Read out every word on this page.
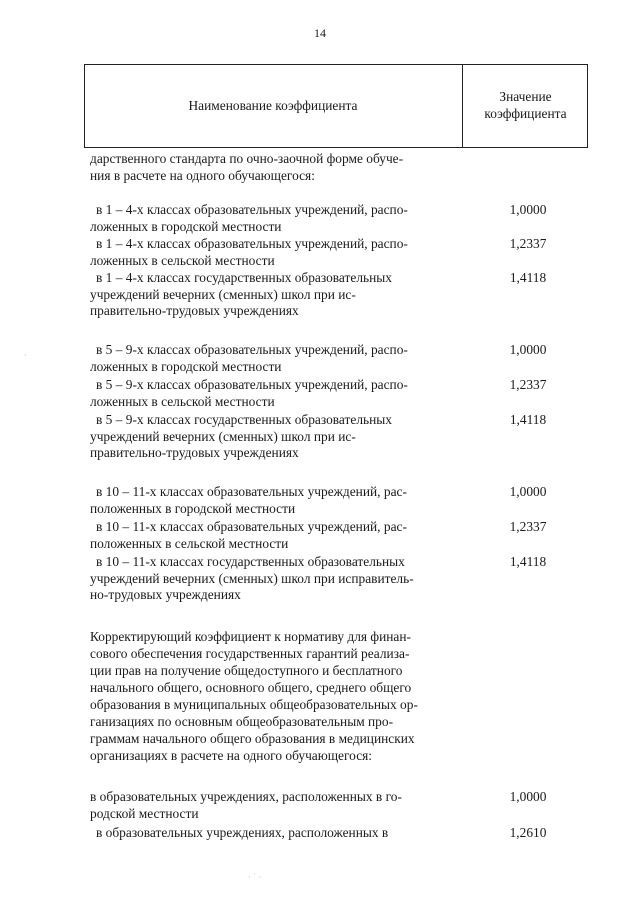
14
Наименование коэффициента
Значение
коэффициента
дарственного стандарта по очно-заочной форме обуче-
ния в расчете на одного обучающегося:
в 1 – 4-х классах образовательных учреждений, распо-
ложенных в городской местности
1,0000
в 1 – 4-х классах образовательных учреждений, распо-
ложенных в сельской местности
1,2337
в 1 – 4-х классах государственных образовательных
учреждений вечерних (сменных) школ при ис-
правительно-трудовых учреждениях
1,4118
в 5 – 9-х классах образовательных учреждений, распо-
ложенных в городской местности
1,0000
в 5 – 9-х классах образовательных учреждений, распо-
ложенных в сельской местности
1,2337
в 5 – 9-х классах государственных образовательных
учреждений вечерних (сменных) школ при ис-
правительно-трудовых учреждениях
1,4118
в 10 – 11-х классах образовательных учреждений, рас-
положенных в городской местности
1,0000
в 10 – 11-х классах образовательных учреждений, рас-
положенных в сельской местности
1,2337
в 10 – 11-х классах государственных образовательных
учреждений вечерних (сменных) школ при исправитель-
но-трудовых учреждениях
1,4118
Корректирующий коэффициент к нормативу для финан-
сового обеспечения государственных гарантий реализа-
ции прав на получение общедоступного и бесплатного
начального общего, основного общего, среднего общего
образования в муниципальных общеобразовательных ор-
ганизациях по основным общеобразовательным про-
граммам начального общего образования в медицинских
организациях в расчете на одного обучающегося:
в образовательных учреждениях, расположенных в го-
родской местности
1,0000
в образовательных учреждениях, расположенных в	1,2610
·
· ˙ ·
